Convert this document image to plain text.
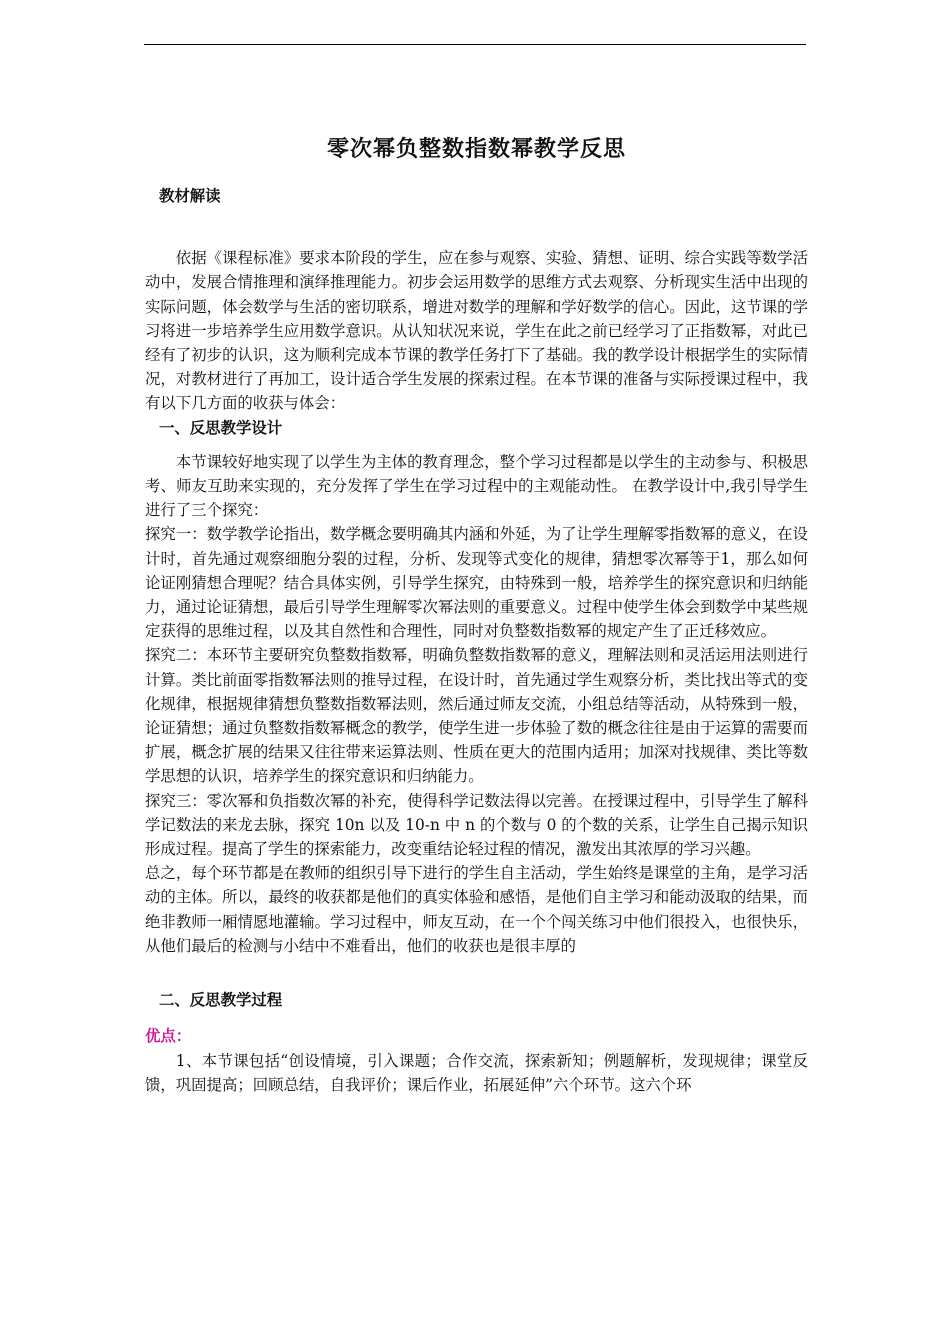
零次幂负整数指数幂教学反思
教材解读

依据《课程标准》要求本阶段的学生，应在参与观察、实验、猜想、证明、综合实践等数学活动中，发展合情推理和演绎推理能力。初步会运用数学的思维方式去观察、分析现实生活中出现的实际问题，体会数学与生活的密切联系，增进对数学的理解和学好数学的信心。因此，这节课的学习将进一步培养学生应用数学意识。从认知状况来说，学生在此之前已经学习了正指数幂，对此已经有了初步的认识，这为顺利完成本节课的教学任务打下了基础。我的教学设计根据学生的实际情况，对教材进行了再加工，设计适合学生发展的探索过程。在本节课的准备与实际授课过程中，我有以下几方面的收获与体会：

一、反思教学设计

本节课较好地实现了以学生为主体的教育理念，整个学习过程都是以学生的主动参与、积极思考、师友互助来实现的，充分发挥了学生在学习过程中的主观能动性。 在教学设计中,我引导学生进行了三个探究：

探究一：数学教学论指出，数学概念要明确其内涵和外延，为了让学生理解零指数幂的意义，在设计时，首先通过观察细胞分裂的过程，分析、发现等式变化的规律，猜想零次幂等于1，那么如何论证刚猜想合理呢？结合具体实例，引导学生探究，由特殊到一般，培养学生的探究意识和归纳能力，通过论证猜想，最后引导学生理解零次幂法则的重要意义。过程中使学生体会到数学中某些规定获得的思维过程，以及其自然性和合理性，同时对负整数指数幂的规定产生了正迁移效应。

探究二：本环节主要研究负整数指数幂，明确负整数指数幂的意义，理解法则和灵活运用法则进行计算。类比前面零指数幂法则的推导过程，在设计时，首先通过学生观察分析，类比找出等式的变化规律，根据规律猜想负整数指数幂法则，然后通过师友交流，小组总结等活动，从特殊到一般，论证猜想；通过负整数指数幂概念的教学，使学生进一步体验了数的概念往往是由于运算的需要而扩展，概念扩展的结果又往往带来运算法则、性质在更大的范围内适用；加深对找规律、类比等数学思想的认识，培养学生的探究意识和归纳能力。

探究三：零次幂和负指数次幂的补充，使得科学记数法得以完善。在授课过程中，引导学生了解科学记数法的来龙去脉，探究 10n 以及 10-n 中 n 的个数与 0 的个数的关系，让学生自己揭示知识形成过程。提高了学生的探索能力，改变重结论轻过程的情况，激发出其浓厚的学习兴趣。

总之，每个环节都是在教师的组织引导下进行的学生自主活动，学生始终是课堂的主角，是学习活动的主体。所以，最终的收获都是他们的真实体验和感悟，是他们自主学习和能动汲取的结果，而绝非教师一厢情愿地灌输。学习过程中，师友互动，在一个个闯关练习中他们很投入，也很快乐，从他们最后的检测与小结中不难看出，他们的收获也是很丰厚的

二、反思教学过程
优点：

1、本节课包括“创设情境，引入课题；合作交流，探索新知；例题解析，发现规律；课堂反馈，巩固提高；回顾总结，自我评价；课后作业，拓展延伸”六个环节。这六个环
